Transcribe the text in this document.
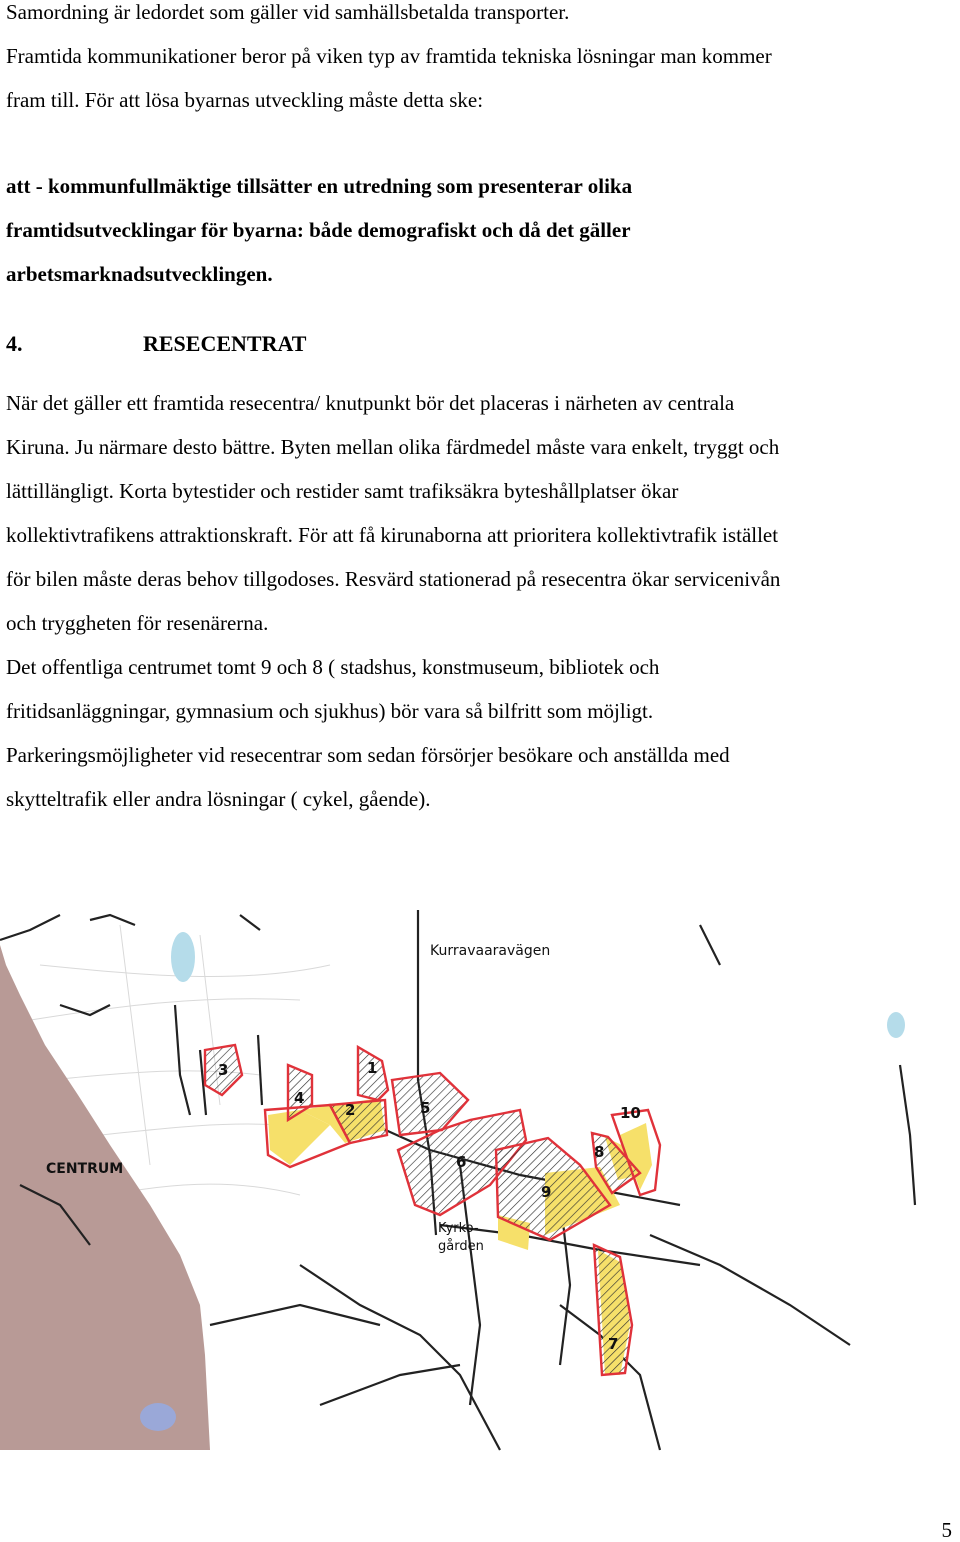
Samordning är ledordet som gäller vid samhällsbetalda transporter.
Framtida kommunikationer beror på viken typ av framtida tekniska lösningar man kommer
fram till. För att lösa byarnas utveckling måste detta ske:

att - kommunfullmäktige tillsätter en utredning som presenterar olika
framtidsutvecklingar för byarna: både demografiskt och då det gäller
arbetsmarknadsutvecklingen.

4.	RESECENTRAT

När det gäller ett framtida resecentra/ knutpunkt bör det placeras i närheten av centrala
Kiruna. Ju närmare desto bättre. Byten mellan olika färdmedel måste vara enkelt, tryggt och
lättillängligt. Korta bytestider och restider samt trafiksäkra byteshållplatser ökar
kollektivtrafikens attraktionskraft. För att få kirunaborna att prioritera kollektivtrafik istället
för bilen måste deras behov tillgodoses. Resvärd stationerad på resecentra ökar servicenivån
och tryggheten för resenärerna.
Det offentliga centrumet tomt 9 och 8 ( stadshus, konstmuseum, bibliotek och
fritidsanläggningar, gymnasium och sjukhus) bör vara så bilfritt som möjligt.
Parkeringsmöjligheter vid resecentrar som sedan försörjer besökare och anställda med
skytteltrafik eller andra lösningar ( cykel, gående).

1
2
3
4
5
6
7
8
9
10
Kurravaaravägen
CENTRUM
Kyrko- gården
5
